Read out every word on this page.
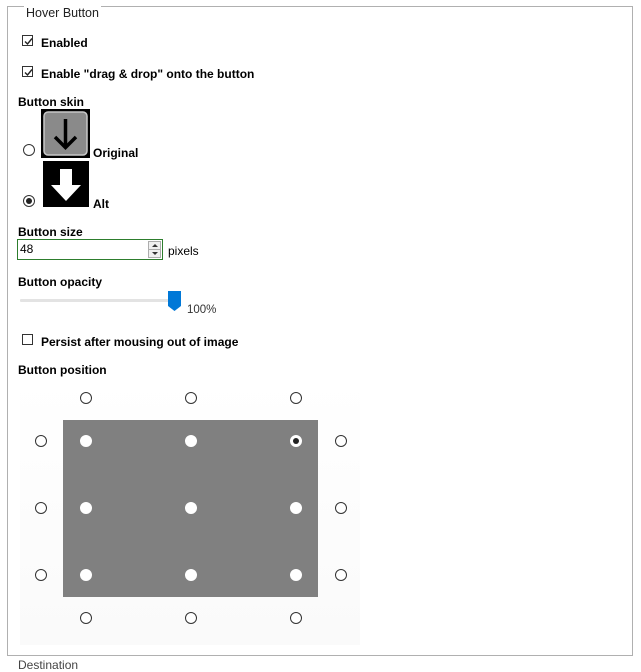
Hover Button
Enabled
Enable "drag & drop" onto the button
Button skin
Original
Alt
Button size
48
pixels
Button opacity
100%
Persist after mousing out of image
Button position
Destination
